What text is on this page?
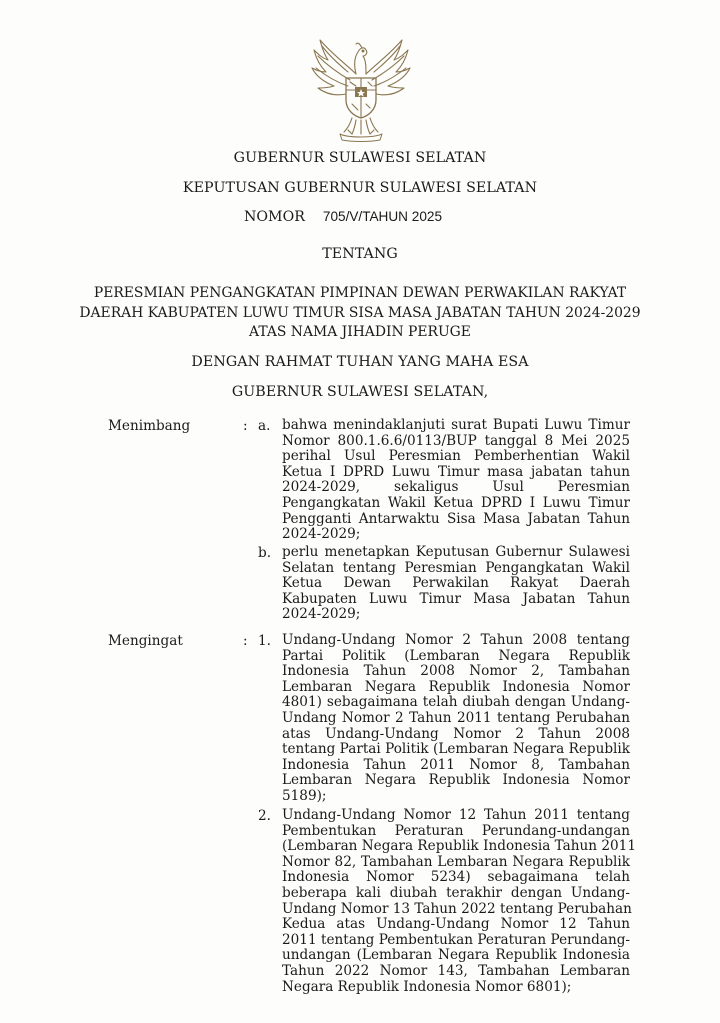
GUBERNUR SULAWESI SELATAN
KEPUTUSAN GUBERNUR SULAWESI SELATAN
NOMOR 705/V/TAHUN 2025
TENTANG
PERESMIAN PENGANGKATAN PIMPINAN DEWAN PERWAKILAN RAKYAT
DAERAH KABUPATEN LUWU TIMUR SISA MASA JABATAN TAHUN 2024-2029
ATAS NAMA JIHADIN PERUGE
DENGAN RAHMAT TUHAN YANG MAHA ESA
GUBERNUR SULAWESI SELATAN,
Menimbang	: a. bahwa menindaklanjuti surat Bupati Luwu Timur
Nomor 800.1.6.6/0113/BUP tanggal 8 Mei 2025
perihal Usul Peresmian Pemberhentian Wakil
Ketua I DPRD Luwu Timur masa jabatan tahun
2024-2029, sekaligus Usul Peresmian
Pengangkatan Wakil Ketua DPRD I Luwu Timur
Pengganti Antarwaktu Sisa Masa Jabatan Tahun
2024-2029;
b. perlu menetapkan Keputusan Gubernur Sulawesi
Selatan tentang Peresmian Pengangkatan Wakil
Ketua Dewan Perwakilan Rakyat Daerah
Kabupaten Luwu Timur Masa Jabatan Tahun
2024-2029;
Mengingat	: 1. Undang-Undang Nomor 2 Tahun 2008 tentang
Partai Politik (Lembaran Negara Republik
Indonesia Tahun 2008 Nomor 2, Tambahan
Lembaran Negara Republik Indonesia Nomor
4801) sebagaimana telah diubah dengan Undang-
Undang Nomor 2 Tahun 2011 tentang Perubahan
atas Undang-Undang Nomor 2 Tahun 2008
tentang Partai Politik (Lembaran Negara Republik
Indonesia Tahun 2011 Nomor 8, Tambahan
Lembaran Negara Republik Indonesia Nomor
5189);
2. Undang-Undang Nomor 12 Tahun 2011 tentang
Pembentukan Peraturan Perundang-undangan
(Lembaran Negara Republik Indonesia Tahun 2011
Nomor 82, Tambahan Lembaran Negara Republik
Indonesia Nomor 5234) sebagaimana telah
beberapa kali diubah terakhir dengan Undang-
Undang Nomor 13 Tahun 2022 tentang Perubahan
Kedua atas Undang-Undang Nomor 12 Tahun
2011 tentang Pembentukan Peraturan Perundang-
undangan (Lembaran Negara Republik Indonesia
Tahun 2022 Nomor 143, Tambahan Lembaran
Negara Republik Indonesia Nomor 6801);
